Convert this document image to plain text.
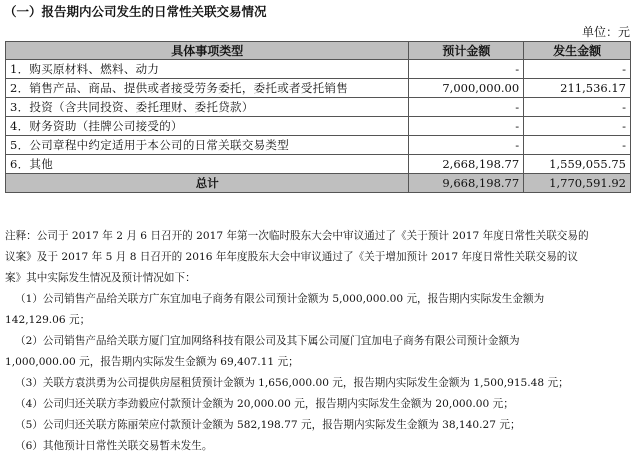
（一）报告期内公司发生的日常性关联交易情况
单位：元
具体事项类型	预计金额	发生金额
1．购买原材料、燃料、动力	-	-
2．销售产品、商品、提供或者接受劳务委托，委托或者受托销售	7,000,000.00	211,536.17
3．投资（含共同投资、委托理财、委托贷款）	-	-
4．财务资助（挂牌公司接受的）	-	-
5．公司章程中约定适用于本公司的日常关联交易类型	-	-
6．其他	2,668,198.77	1,559,055.75
总计	9,668,198.77	1,770,591.92

注释：公司于 2017 年 2 月 6 日召开的 2017 年第一次临时股东大会中审议通过了《关于预计 2017 年度日常性关联交易的

议案》及于 2017 年 5 月 8 日召开的 2016 年年度股东大会中审议通过了《关于增加预计 2017 年度日常性关联交易的议

案》其中实际发生情况及预计情况如下：

（1）公司销售产品给关联方广东宜加电子商务有限公司预计金额为 5,000,000.00 元，报告期内实际发生金额为

142,129.06 元；

（2）公司销售产品给关联方厦门宜加网络科技有限公司及其下属公司厦门宜加电子商务有限公司预计金额为

1,000,000.00 元，报告期内实际发生金额为 69,407.11 元；

（3）关联方袁洪勇为公司提供房屋租赁预计金额为 1,656,000.00 元，报告期内实际发生金额为 1,500,915.48 元；

（4）公司归还关联方李劲毅应付款预计金额为 20,000.00 元，报告期内实际发生金额为 20,000.00 元；

（5）公司归还关联方陈丽荣应付款预计金额为 582,198.77 元，报告期内实际发生金额为 38,140.27 元；

（6）其他预计日常性关联交易暂未发生。
